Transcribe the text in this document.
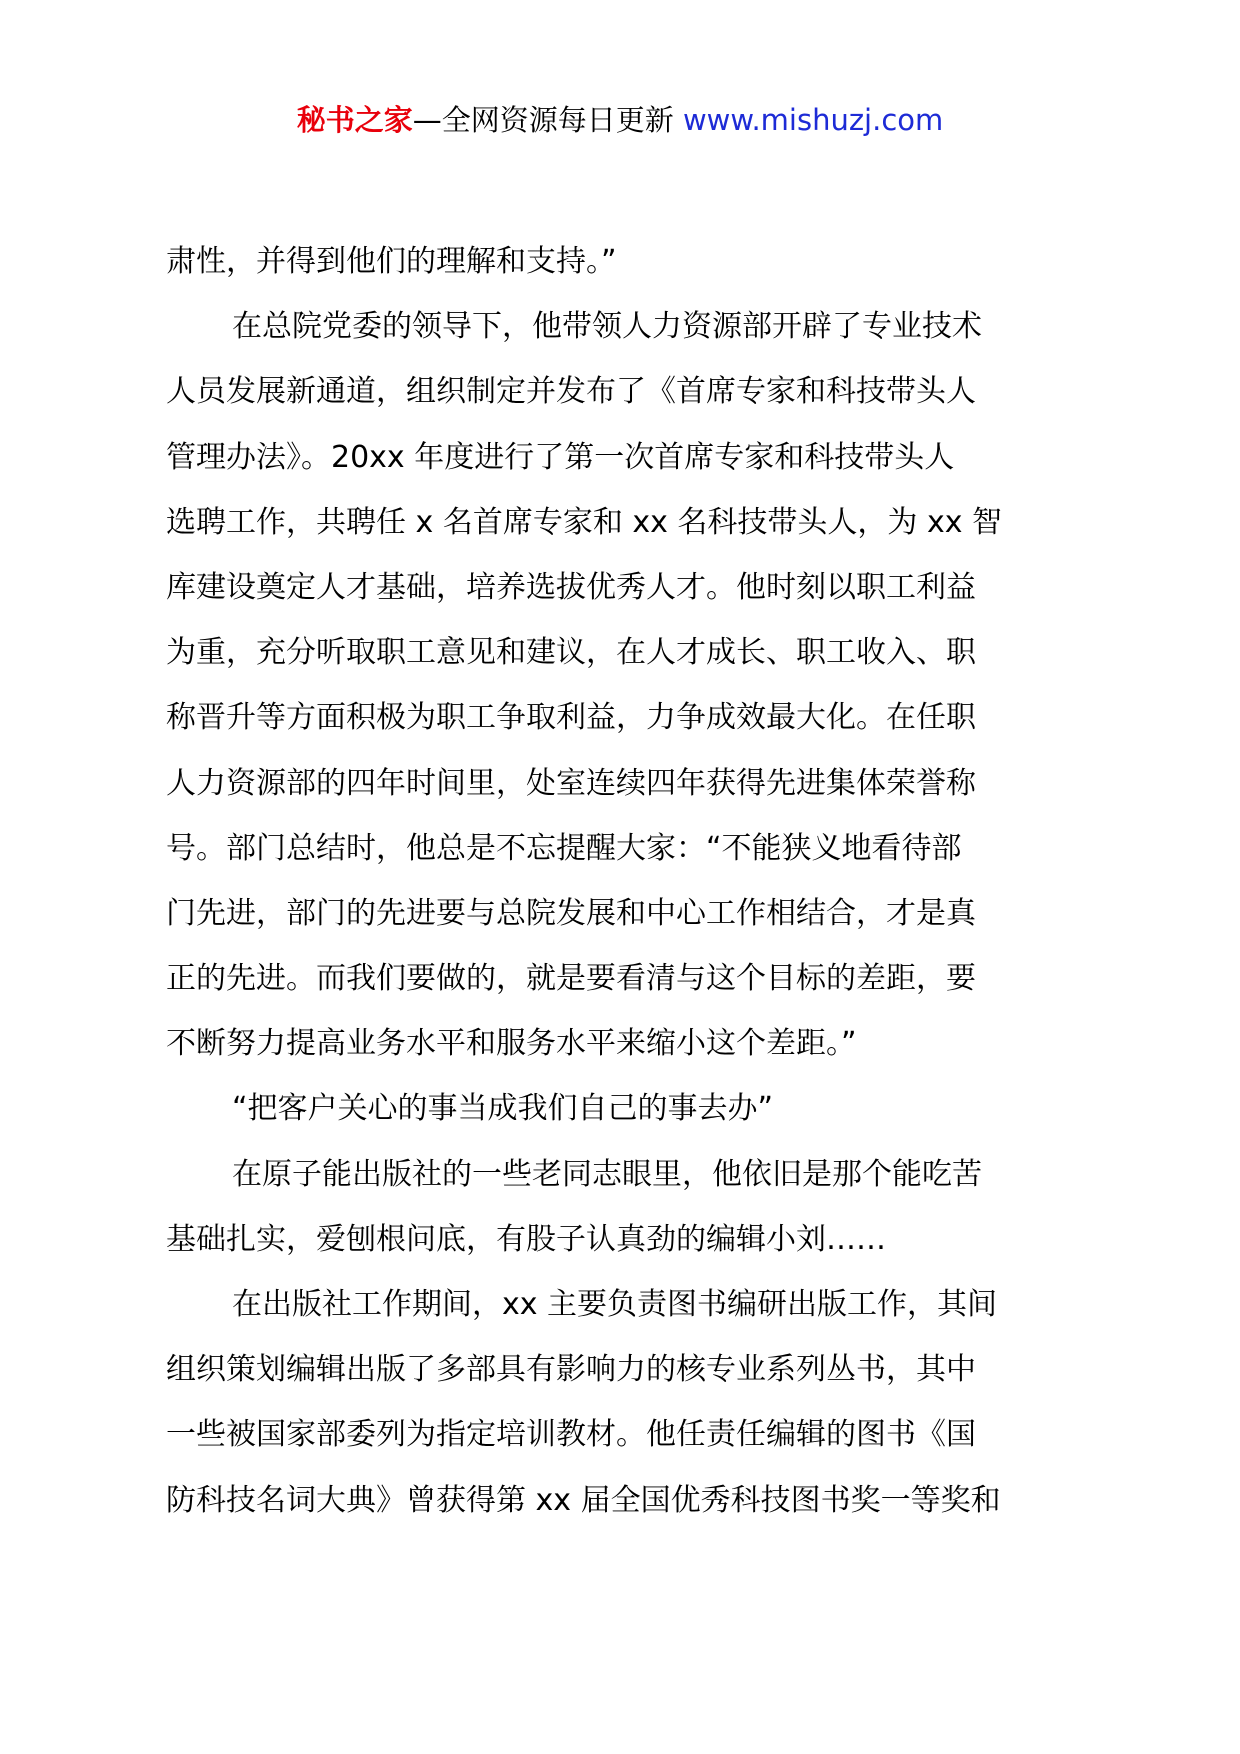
秘书之家—全网资源每日更新 www.mishuzj.com
肃性，并得到他们的理解和支持。”
在总院党委的领导下，他带领人力资源部开辟了专业技术
人员发展新通道，组织制定并发布了《首席专家和科技带头人
管理办法》。20xx 年度进行了第一次首席专家和科技带头人
选聘工作，共聘任 x 名首席专家和 xx 名科技带头人，为 xx 智
库建设奠定人才基础，培养选拔优秀人才。他时刻以职工利益
为重，充分听取职工意见和建议，在人才成长、职工收入、职
称晋升等方面积极为职工争取利益，力争成效最大化。在任职
人力资源部的四年时间里，处室连续四年获得先进集体荣誉称
号。部门总结时，他总是不忘提醒大家：“不能狭义地看待部
门先进，部门的先进要与总院发展和中心工作相结合，才是真
正的先进。而我们要做的，就是要看清与这个目标的差距，要
不断努力提高业务水平和服务水平来缩小这个差距。”
“把客户关心的事当成我们自己的事去办”
在原子能出版社的一些老同志眼里，他依旧是那个能吃苦
基础扎实，爱刨根问底，有股子认真劲的编辑小刘……
在出版社工作期间，xx 主要负责图书编研出版工作，其间
组织策划编辑出版了多部具有影响力的核专业系列丛书，其中
一些被国家部委列为指定培训教材。他任责任编辑的图书《国
防科技名词大典》曾获得第 xx 届全国优秀科技图书奖一等奖和
